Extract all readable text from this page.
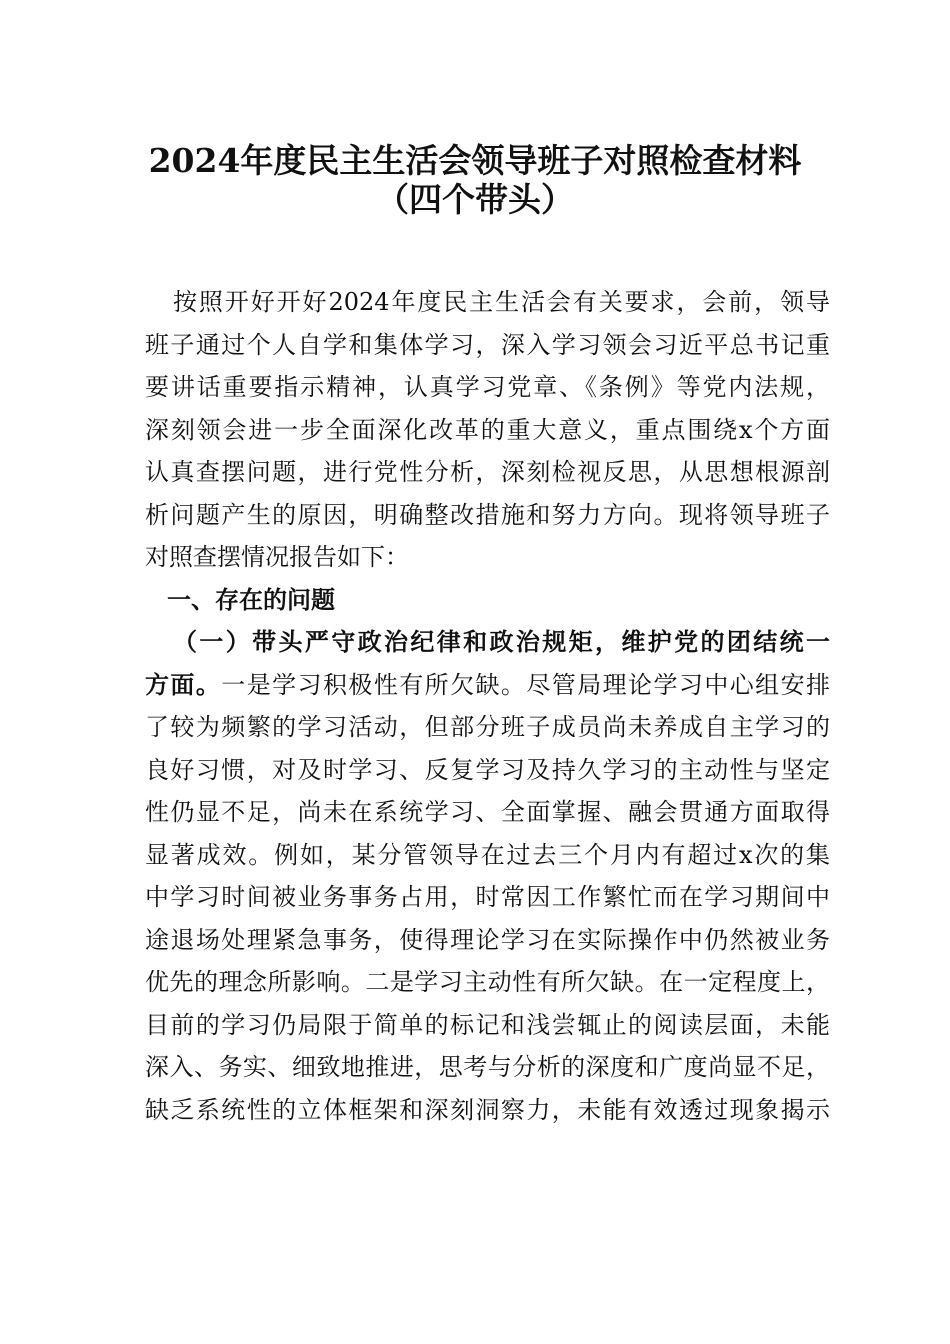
2024年度民主生活会领导班子对照检查材料
（四个带头）
按照开好开好2024年度民主生活会有关要求，会前，领导
班子通过个人自学和集体学习，深入学习领会习近平总书记重
要讲话重要指示精神，认真学习党章、《条例》等党内法规，
深刻领会进一步全面深化改革的重大意义，重点围绕x个方面
认真查摆问题，进行党性分析，深刻检视反思，从思想根源剖
析问题产生的原因，明确整改措施和努力方向。现将领导班子
对照查摆情况报告如下：
一、存在的问题
（一）带头严守政治纪律和政治规矩，维护党的团结统一
方面。一是学习积极性有所欠缺。尽管局理论学习中心组安排
了较为频繁的学习活动，但部分班子成员尚未养成自主学习的
良好习惯，对及时学习、反复学习及持久学习的主动性与坚定
性仍显不足，尚未在系统学习、全面掌握、融会贯通方面取得
显著成效。例如，某分管领导在过去三个月内有超过x次的集
中学习时间被业务事务占用，时常因工作繁忙而在学习期间中
途退场处理紧急事务，使得理论学习在实际操作中仍然被业务
优先的理念所影响。二是学习主动性有所欠缺。在一定程度上，
目前的学习仍局限于简单的标记和浅尝辄止的阅读层面，未能
深入、务实、细致地推进，思考与分析的深度和广度尚显不足，
缺乏系统性的立体框架和深刻洞察力，未能有效透过现象揭示
